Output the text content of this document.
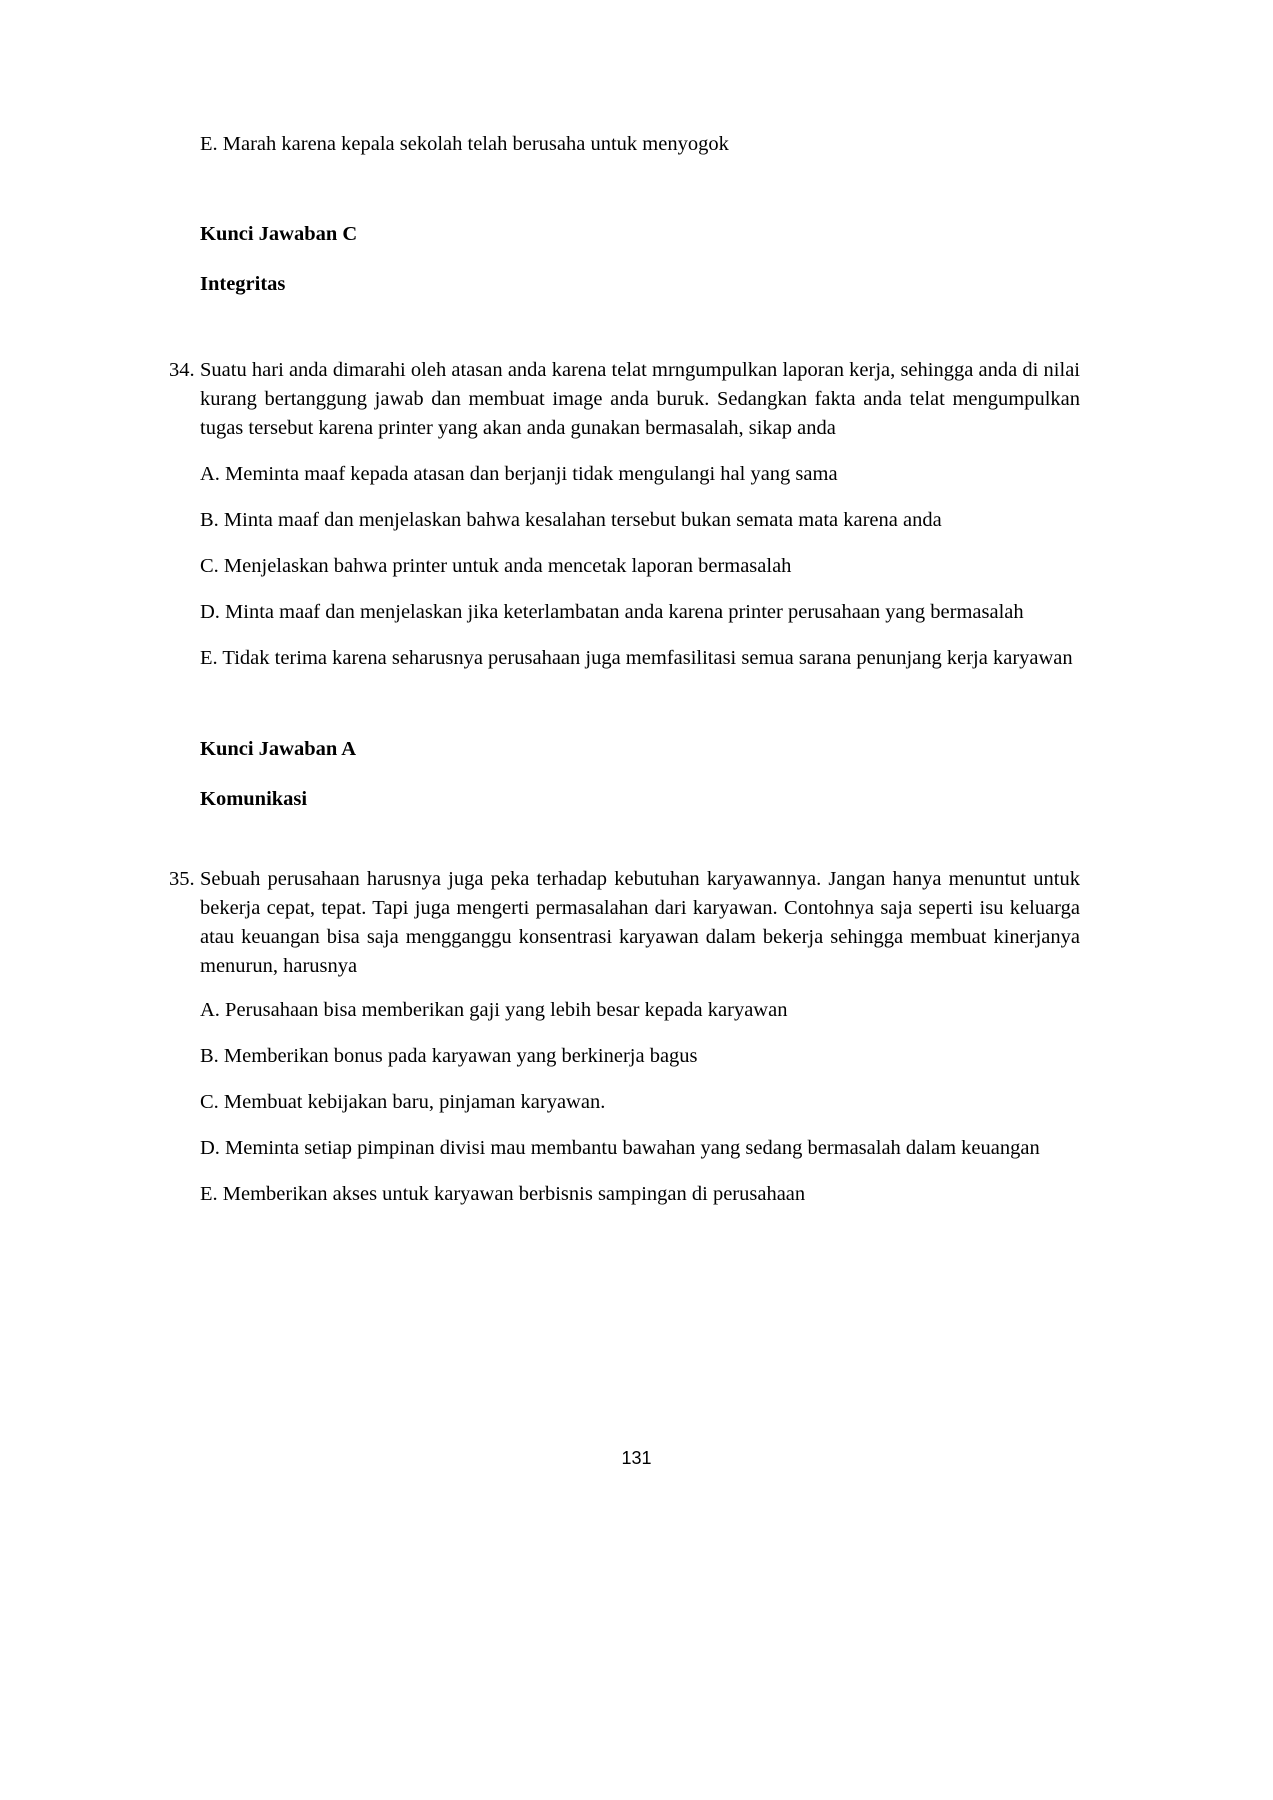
E. Marah karena kepala sekolah telah berusaha untuk menyogok

Kunci Jawaban C

Integritas

34. Suatu hari anda dimarahi oleh atasan anda karena telat mrngumpulkan laporan kerja, sehingga anda di nilai kurang bertanggung jawab dan membuat image anda buruk. Sedangkan fakta anda telat mengumpulkan tugas tersebut karena printer yang akan anda gunakan bermasalah, sikap anda

A. Meminta maaf kepada atasan dan berjanji tidak mengulangi hal yang sama

B. Minta maaf dan menjelaskan bahwa kesalahan tersebut bukan semata mata karena anda

C. Menjelaskan bahwa printer untuk anda mencetak laporan bermasalah

D. Minta maaf dan menjelaskan jika keterlambatan anda karena printer perusahaan yang bermasalah

E. Tidak terima karena seharusnya perusahaan juga memfasilitasi semua sarana penunjang kerja karyawan

Kunci Jawaban A

Komunikasi

35. Sebuah perusahaan harusnya juga peka terhadap kebutuhan karyawannya. Jangan hanya menuntut untuk bekerja cepat, tepat. Tapi juga mengerti permasalahan dari karyawan. Contohnya saja seperti isu keluarga atau keuangan bisa saja mengganggu konsentrasi karyawan dalam bekerja sehingga membuat kinerjanya menurun, harusnya

A. Perusahaan bisa memberikan gaji yang lebih besar kepada karyawan

B. Memberikan bonus pada karyawan yang berkinerja bagus

C. Membuat kebijakan baru, pinjaman karyawan.

D. Meminta setiap pimpinan divisi mau membantu bawahan yang sedang bermasalah dalam keuangan

E. Memberikan akses untuk karyawan berbisnis sampingan di perusahaan

131
